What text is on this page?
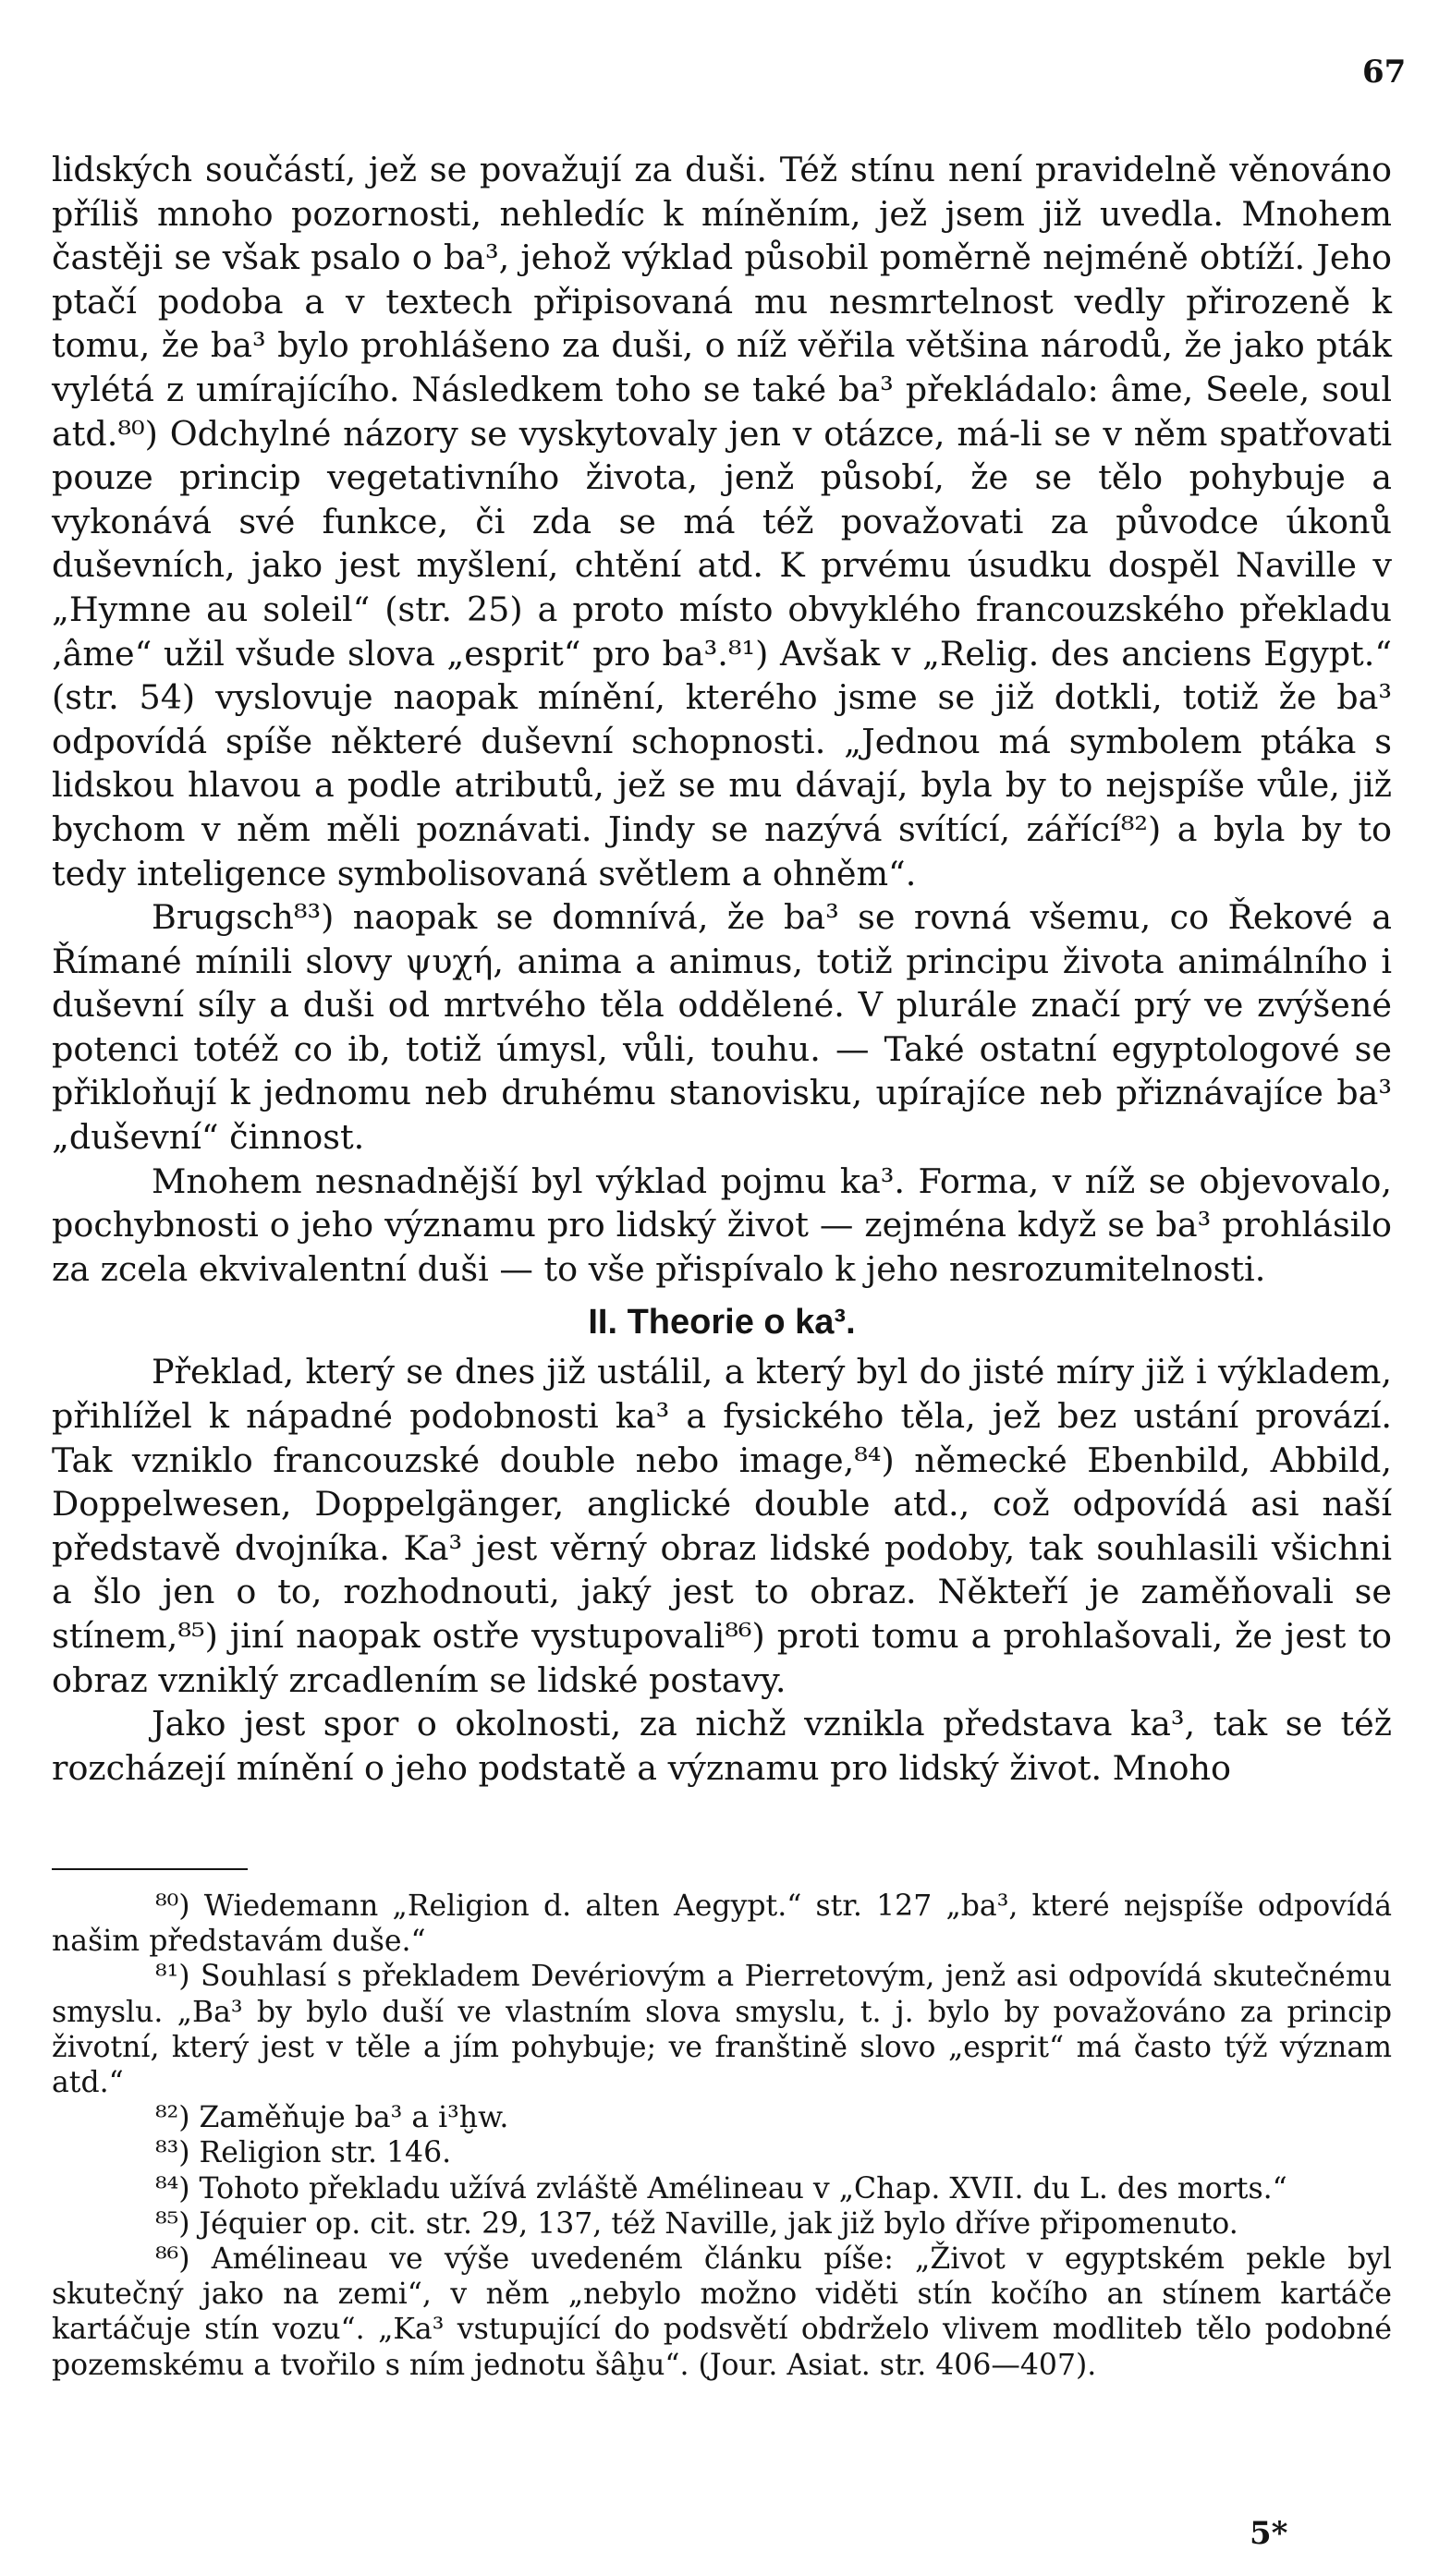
67

lidských součástí, jež se považují za duši. Též stínu není pravidelně věnováno příliš mnoho pozornosti, nehledíc k míněním, jež jsem již uvedla. Mnohem častěji se však psalo o ba³, jehož výklad působil poměrně nejméně obtíží. Jeho ptačí podoba a v textech připisovaná mu nesmrtelnost vedly přirozeně k tomu, že ba³ bylo prohlášeno za duši, o níž věřila většina národů, že jako pták vylétá z umírajícího. Následkem toho se také ba³ překládalo: âme, Seele, soul atd.⁸⁰) Odchylné názory se vyskytovaly jen v otázce, má-li se v něm spatřovati pouze princip vegetativního života, jenž působí, že se tělo pohybuje a vykonává své funkce, či zda se má též považovati za původce úkonů duševních, jako jest myšlení, chtění atd. K prvému úsudku dospěl Naville v „Hymne au soleil“ (str. 25) a proto místo obvyklého francouzského překladu ‚âme“ užil všude slova „esprit“ pro ba³.⁸¹) Avšak v „Relig. des anciens Egypt.“ (str. 54) vyslovuje naopak mínění, kterého jsme se již dotkli, totiž že ba³ odpovídá spíše některé duševní schopnosti. „Jednou má symbolem ptáka s lidskou hlavou a podle atributů, jež se mu dávají, byla by to nejspíše vůle, již bychom v něm měli poznávati. Jindy se nazývá svítící, zářící⁸²) a byla by to tedy inteligence symbolisovaná světlem a ohněm“.

Brugsch⁸³) naopak se domnívá, že ba³ se rovná všemu, co Řekové a Římané mínili slovy ψυχή, anima a animus, totiž principu života animálního i duševní síly a duši od mrtvého těla oddělené. V plurále značí prý ve zvýšené potenci totéž co ib, totiž úmysl, vůli, touhu. — Také ostatní egyptologové se přikloňují k jednomu neb druhému stanovisku, upírajíce neb přiznávajíce ba³ „duševní“ činnost.

Mnohem nesnadnější byl výklad pojmu ka³. Forma, v níž se objevovalo, pochybnosti o jeho významu pro lidský život — zejména když se ba³ prohlásilo za zcela ekvivalentní duši — to vše přispívalo k jeho nesrozumitelnosti.

II. Theorie o ka³.

Překlad, který se dnes již ustálil, a který byl do jisté míry již i výkladem, přihlížel k nápadné podobnosti ka³ a fysického těla, jež bez ustání provází. Tak vzniklo francouzské double nebo image,⁸⁴) německé Ebenbild, Abbild, Doppelwesen, Doppelgänger, anglické double atd., což odpovídá asi naší představě dvojníka. Ka³ jest věrný obraz lidské podoby, tak souhlasili všichni a šlo jen o to, rozhodnouti, jaký jest to obraz. Někteří je zaměňovali se stínem,⁸⁵) jiní naopak ostře vystupovali⁸⁶) proti tomu a prohlašovali, že jest to obraz vzniklý zrcadlením se lidské postavy.

Jako jest spor o okolnosti, za nichž vznikla představa ka³, tak se též rozcházejí mínění o jeho podstatě a významu pro lidský život. Mnoho

⁸⁰) Wiedemann „Religion d. alten Aegypt.“ str. 127 „ba³, které nejspíše odpovídá našim představám duše.“

⁸¹) Souhlasí s překladem Devériovým a Pierretovým, jenž asi odpovídá skutečnému smyslu. „Ba³ by bylo duší ve vlastním slova smyslu, t. j. bylo by považováno za princip životní, který jest v těle a jím pohybuje; ve franštině slovo „esprit“ má často týž význam atd.“

⁸²) Zaměňuje ba³ a i³ḫw.

⁸³) Religion str. 146.

⁸⁴) Tohoto překladu užívá zvláště Amélineau v „Chap. XVII. du L. des morts.“

⁸⁵) Jéquier op. cit. str. 29, 137, též Naville, jak již bylo dříve připomenuto.

⁸⁶) Amélineau ve výše uvedeném článku píše: „Život v egyptském pekle byl skutečný jako na zemi“, v něm „nebylo možno viděti stín kočího an stínem kartáče kartáčuje stín vozu“. „Ka³ vstupující do podsvětí obdrželo vlivem modliteb tělo podobné pozemskému a tvořilo s ním jednotu šâḫu“. (Jour. Asiat. str. 406—407).

5*
